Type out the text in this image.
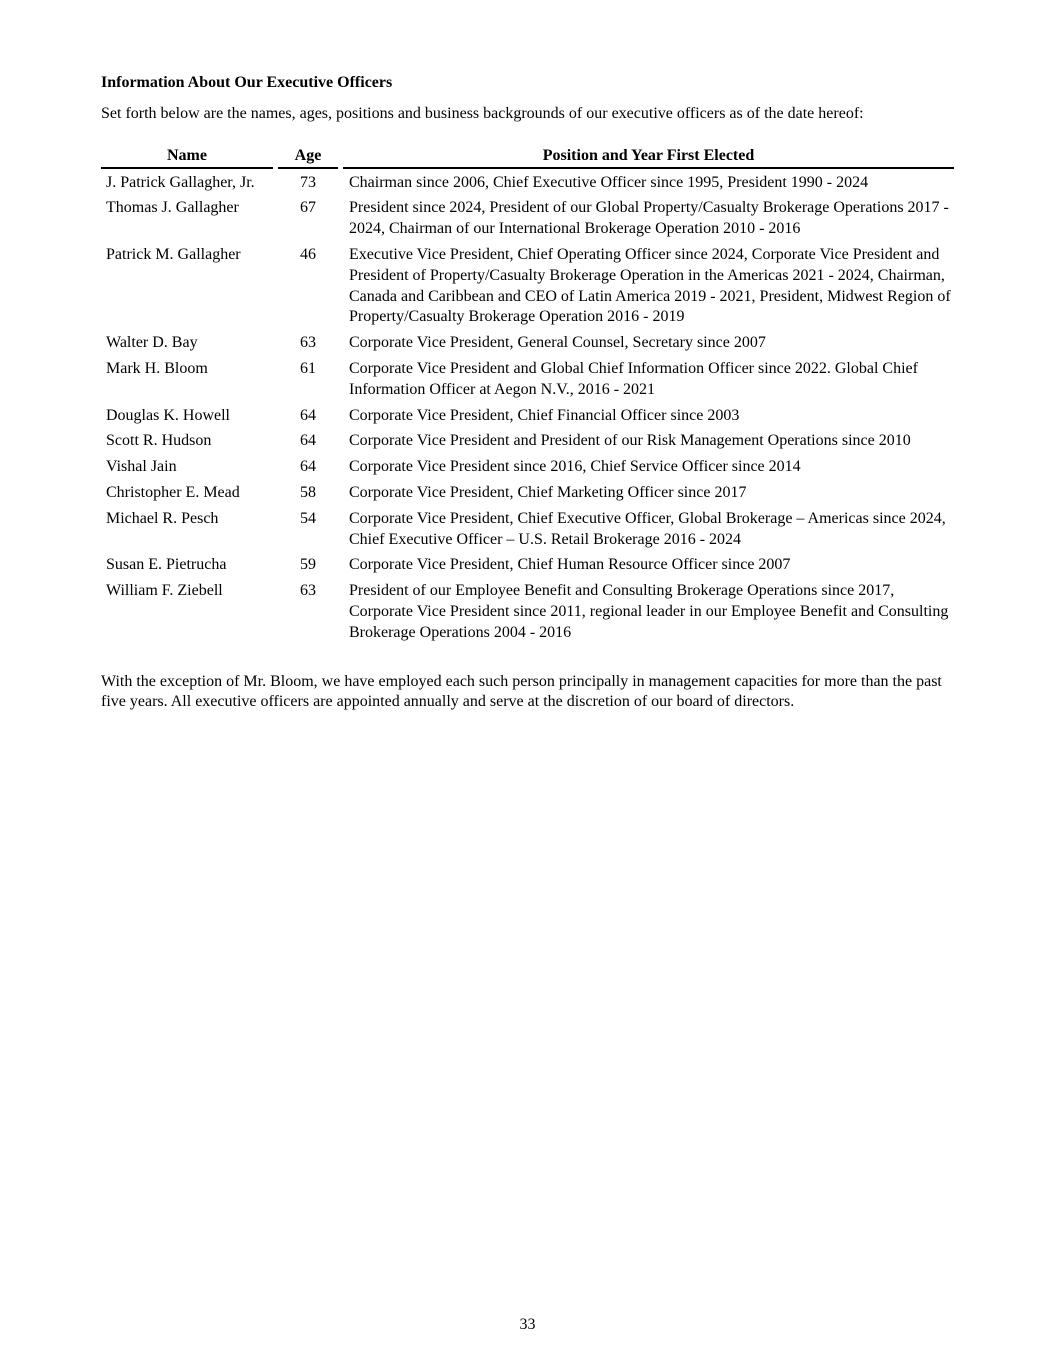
Information About Our Executive Officers
Set forth below are the names, ages, positions and business backgrounds of our executive officers as of the date hereof:
Name	Age	Position and Year First Elected

J. Patrick Gallagher, Jr.	73	Chairman since 2006, Chief Executive Officer since 1995, President 1990 - 2024
Thomas J. Gallagher	67	President since 2024, President of our Global Property/Casualty Brokerage Operations 2017 - 2024, Chairman of our International Brokerage Operation 2010 - 2016
Patrick M. Gallagher	46	Executive Vice President, Chief Operating Officer since 2024, Corporate Vice President and President of Property/Casualty Brokerage Operation in the Americas 2021 - 2024, Chairman, Canada and Caribbean and CEO of Latin America 2019 - 2021, President, Midwest Region of Property/Casualty Brokerage Operation 2016 - 2019
Walter D. Bay	63	Corporate Vice President, General Counsel, Secretary since 2007
Mark H. Bloom	61	Corporate Vice President and Global Chief Information Officer since 2022. Global Chief Information Officer at Aegon N.V., 2016 - 2021
Douglas K. Howell	64	Corporate Vice President, Chief Financial Officer since 2003
Scott R. Hudson	64	Corporate Vice President and President of our Risk Management Operations since 2010
Vishal Jain	64	Corporate Vice President since 2016, Chief Service Officer since 2014
Christopher E. Mead	58	Corporate Vice President, Chief Marketing Officer since 2017
Michael R. Pesch	54	Corporate Vice President, Chief Executive Officer, Global Brokerage – Americas since 2024, Chief Executive Officer – U.S. Retail Brokerage 2016 - 2024
Susan E. Pietrucha	59	Corporate Vice President, Chief Human Resource Officer since 2007
William F. Ziebell	63	President of our Employee Benefit and Consulting Brokerage Operations since 2017, Corporate Vice President since 2011, regional leader in our Employee Benefit and Consulting Brokerage Operations 2004 - 2016
With the exception of Mr. Bloom, we have employed each such person principally in management capacities for more than the past five years. All executive officers are appointed annually and serve at the discretion of our board of directors.
33
